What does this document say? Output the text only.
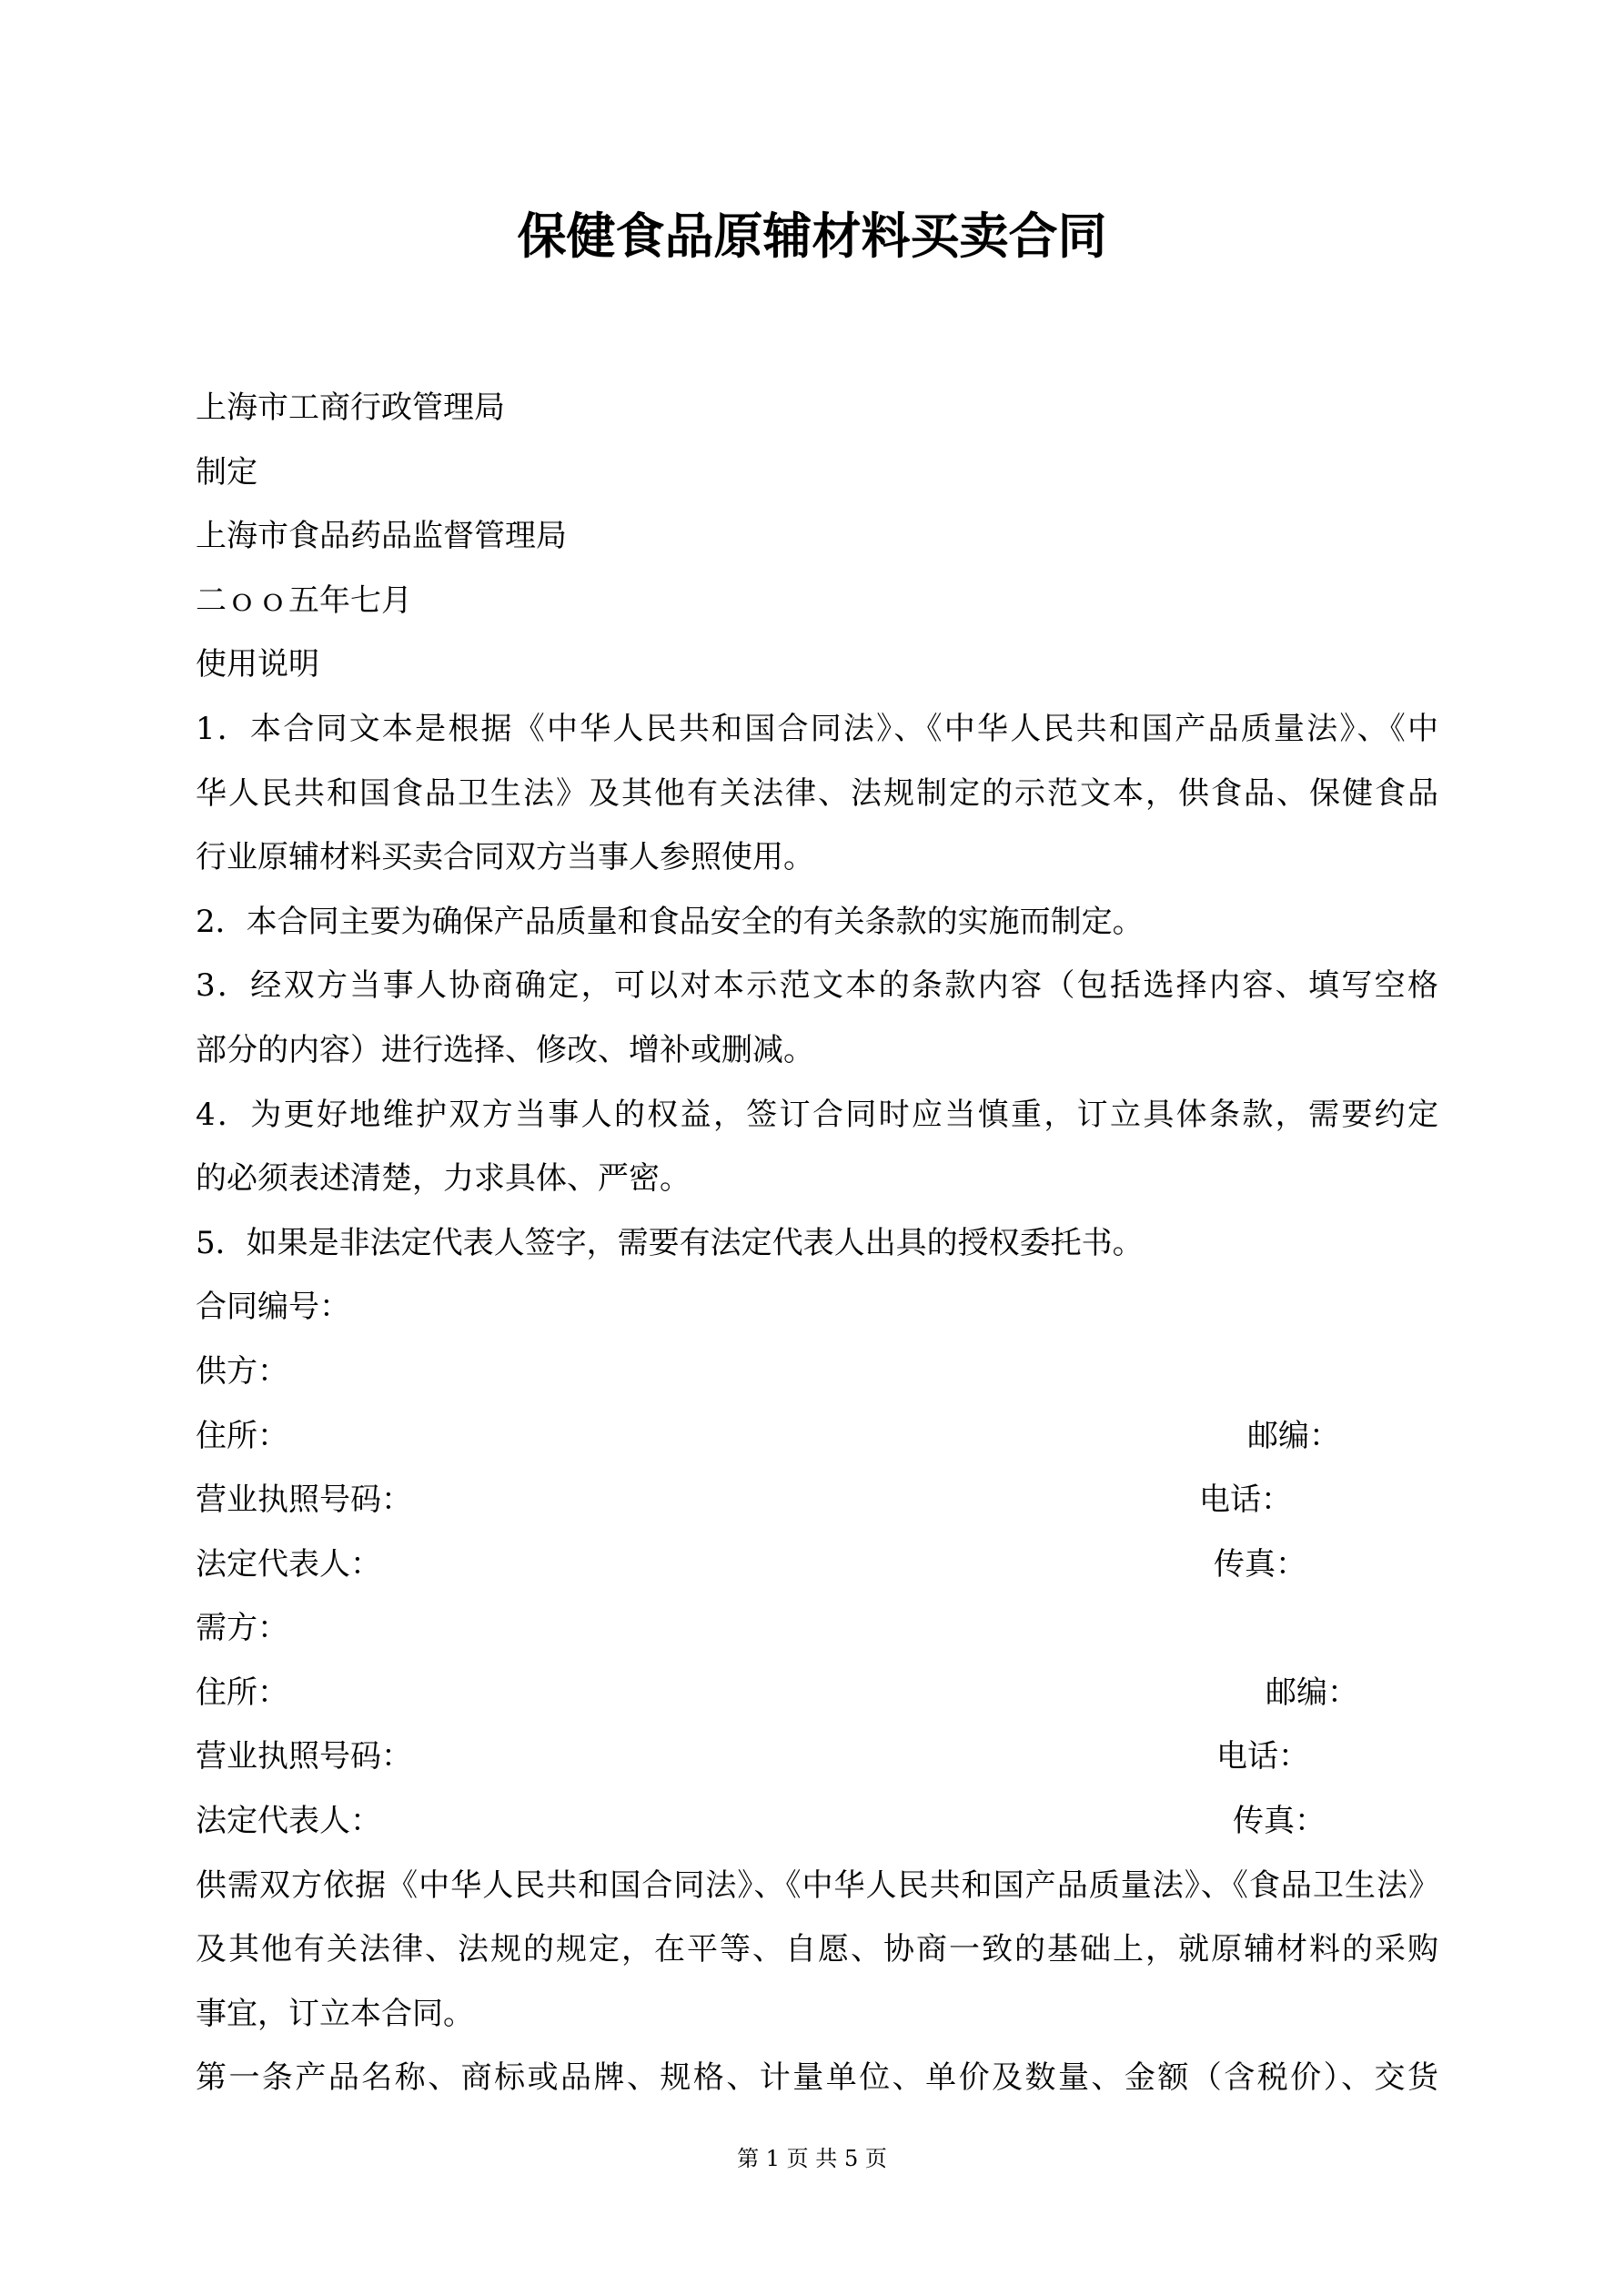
保健食品原辅材料买卖合同
上海市工商行政管理局
制定
上海市食品药品监督管理局
二ｏｏ五年七月
使用说明
1．本合同文本是根据《中华人民共和国合同法》、《中华人民共和国产品质量法》、《中
华人民共和国食品卫生法》及其他有关法律、法规制定的示范文本，供食品、保健食品
行业原辅材料买卖合同双方当事人参照使用。
2．本合同主要为确保产品质量和食品安全的有关条款的实施而制定。
3．经双方当事人协商确定，可以对本示范文本的条款内容（包括选择内容、填写空格
部分的内容）进行选择、修改、增补或删减。
4．为更好地维护双方当事人的权益，签订合同时应当慎重，订立具体条款，需要约定
的必须表述清楚，力求具体、严密。
5．如果是非法定代表人签字，需要有法定代表人出具的授权委托书。
合同编号：
供方：
住所：	邮编：
营业执照号码：	电话：
法定代表人：	传真：
需方：
住所：	邮编：
营业执照号码：	电话：
法定代表人：	传真：
供需双方依据《中华人民共和国合同法》、《中华人民共和国产品质量法》、《食品卫生法》
及其他有关法律、法规的规定，在平等、自愿、协商一致的基础上，就原辅材料的采购
事宜，订立本合同。
第一条产品名称、商标或品牌、规格、计量单位、单价及数量、金额（含税价）、交货
第 1 页 共 5 页
